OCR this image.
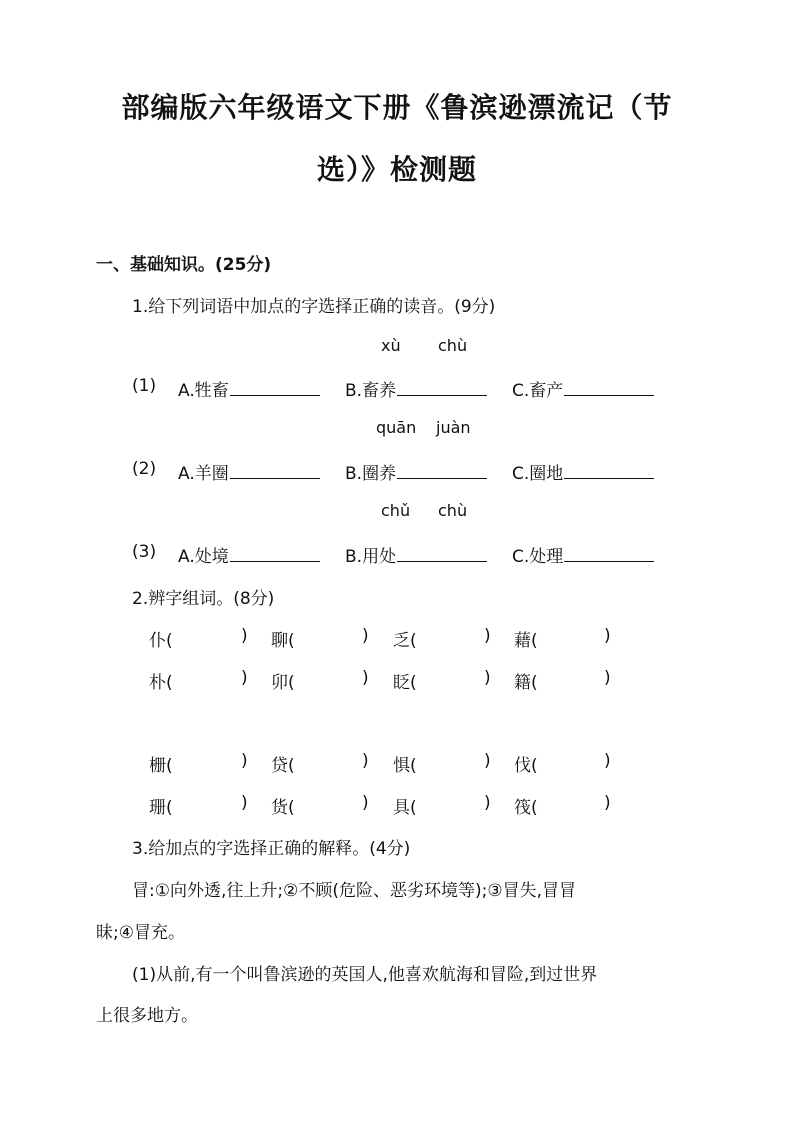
部编版六年级语文下册《鲁滨逊漂流记（节
选）》检测题
一、基础知识。(25分)
1.给下列词语中加点的字选择正确的读音。(9分)
xù chù
(1) A.牲畜	B.畜养	C.畜产
quān juàn
(2) A.羊圈	B.圈养	C.圈地
chǔ chù
(3) A.处境	B.用处	C.处理
2.辨字组词。(8分)
仆(	) 聊(	) 乏(	) 藉(	)
朴(	) 卯(	) 眨(	) 籍(	)
栅(	) 贷(	) 惧(	) 伐(	)
珊(	) 货(	) 具(	) 筏(	)
3.给加点的字选择正确的解释。(4分)
冒:①向外透,往上升;②不顾(危险、恶劣环境等);③冒失,冒冒
昧;④冒充。
(1)从前,有一个叫鲁滨逊的英国人,他喜欢航海和冒险,到过世界
上很多地方。
